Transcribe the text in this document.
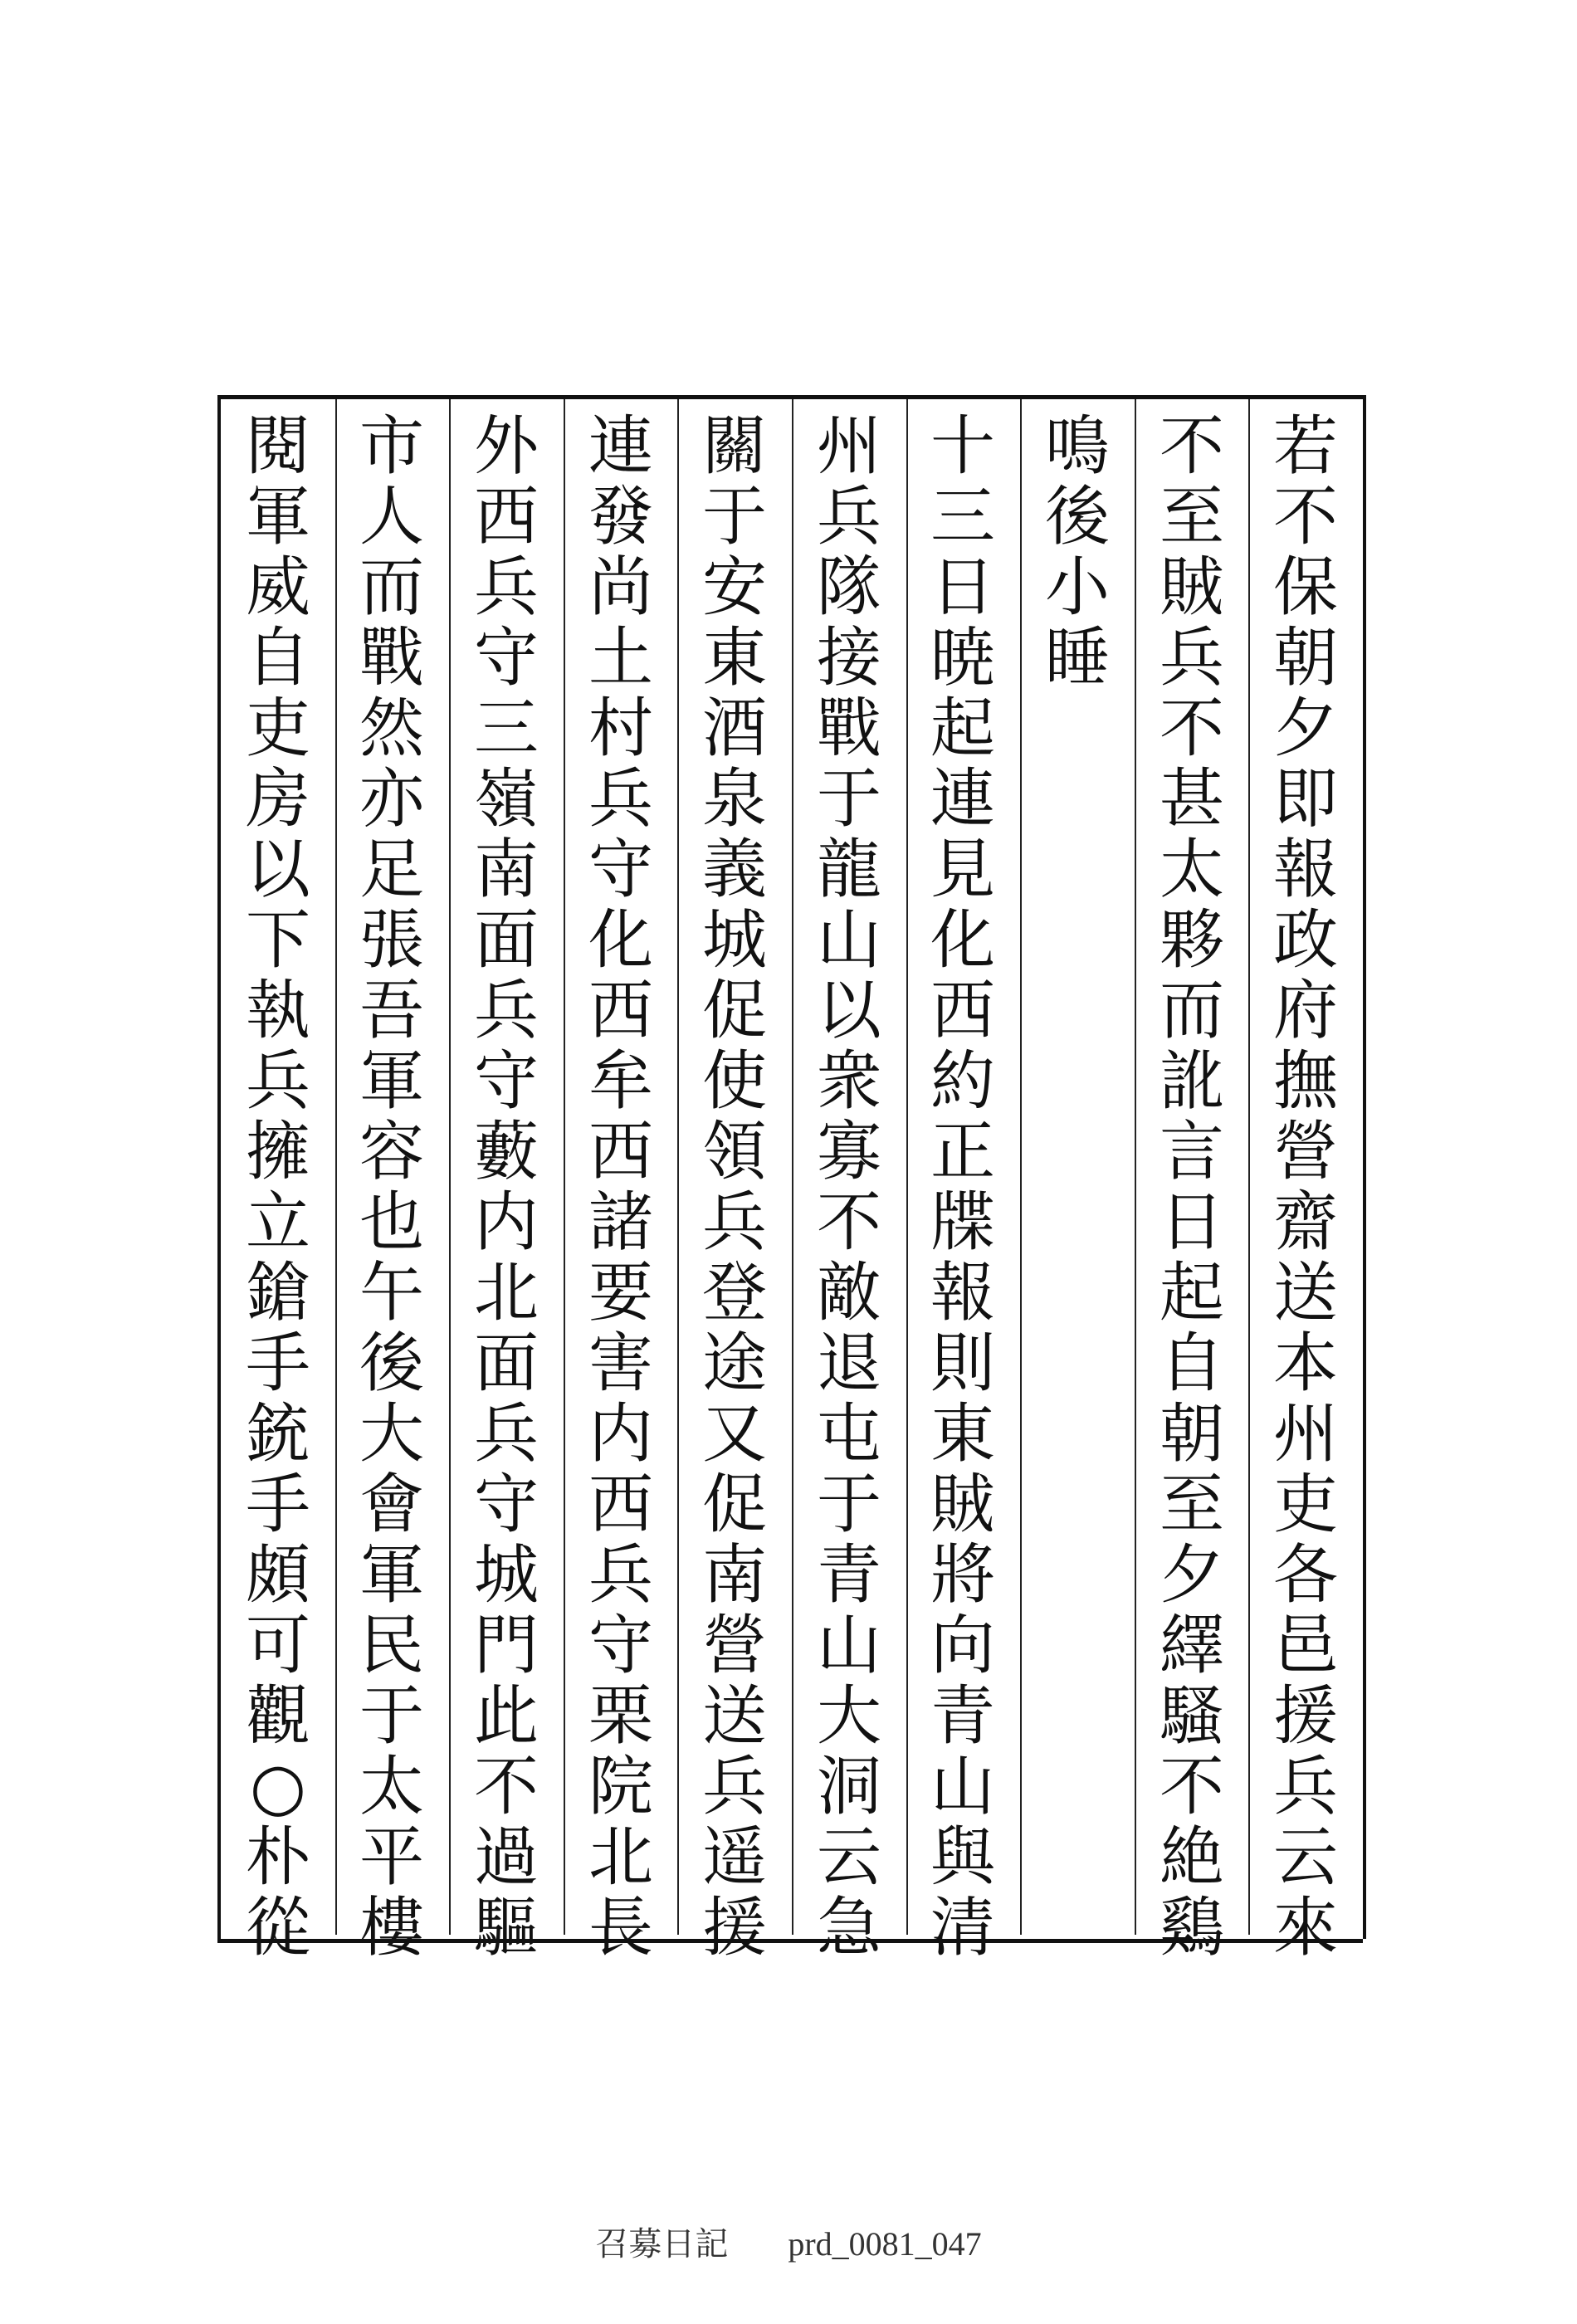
若
不
保
朝
夕
即
報
政
府
撫
營
齋
送
本
州
吏
各
邑
援
兵
云
來
不
至
賊
兵
不
甚
太
夥
而
訛
言
日
起
自
朝
至
夕
繹
騷
不
絶
鷄
鳴
後
小
睡
十
三
日
暁
起
連
見
化
西
約
正
牒
報
則
東
賊
將
向
青
山
與
清
州
兵
隊
接
戰
于
龍
山
以
衆
寡
不
敵
退
屯
于
青
山
大
洞
云
急
關
于
安
東
酒
泉
義
城
促
使
領
兵
登
途
又
促
南
營
送
兵
遥
援
連
發
尚
土
村
兵
守
化
西
牟
西
諸
要
害
内
西
兵
守
栗
院
北
長
外
西
兵
守
三
嶺
南
面
兵
守
藪
内
北
面
兵
守
城
門
此
不
過
驅
市
人
而
戰
然
亦
足
張
吾
軍
容
也
午
後
大
會
軍
民
于
太
平
樓
閱
軍
威
自
吏
房
以
下
執
兵
擁
立
鎗
手
銃
手
頗
可
觀
○
朴
從
召募日記 prd_0081_047
